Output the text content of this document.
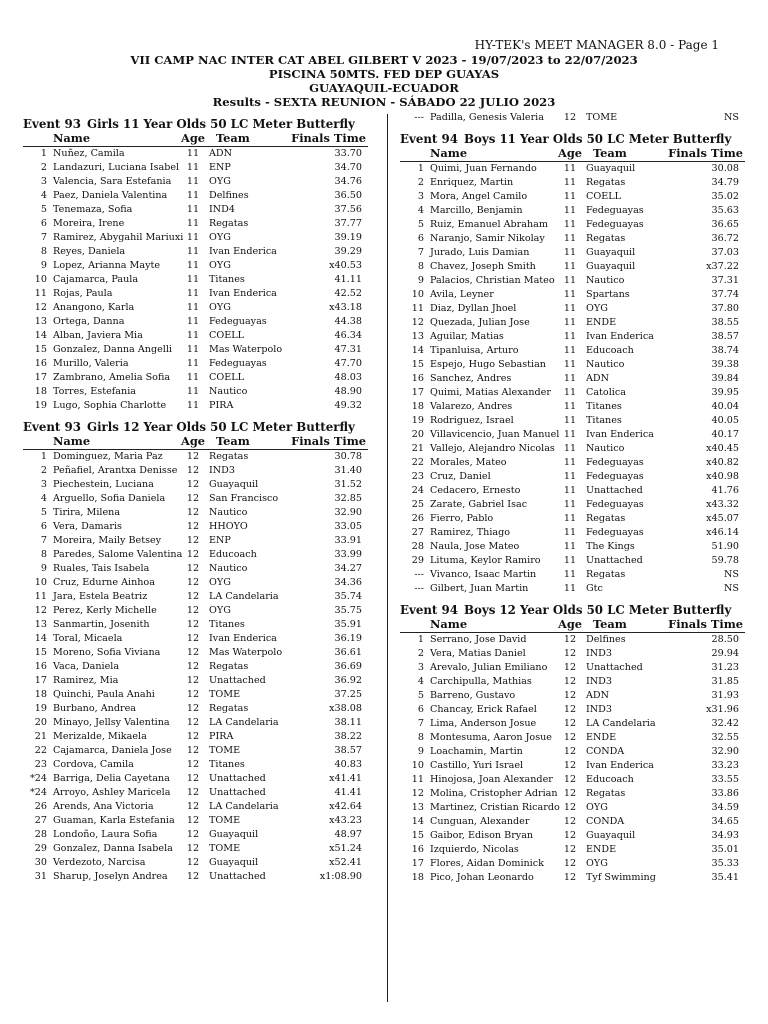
HY-TEK's MEET MANAGER 8.0 - Page 1
VII CAMP NAC INTER CAT ABEL GILBERT V 2023 - 19/07/2023 to 22/07/2023
PISCINA 50MTS. FED DEP GUAYAS
GUAYAQUIL-ECUADOR
Results - SEXTA REUNION - SÁBADO 22 JULIO 2023
Event 93 Girls 11 Year Olds 50 LC Meter Butterfly
Name	Age Team	Finals Time
1 Nuñez, Camila	11	ADN	33.70
2 Landazuri, Luciana Isabel 11	ENP	34.70
3 Valencia, Sara Estefania	11	OYG	34.76
4 Paez, Daniela Valentina	11	Delfines	36.50
5 Tenemaza, Sofia	11	IND4	37.56
6 Moreira, Irene	11	Regatas	37.77
7 Ramirez, Abygahil Mariuxi 11	OYG	39.19
8 Reyes, Daniela	11	Ivan Enderica	39.29
9 Lopez, Arianna Mayte	11	OYG	x40.53
10 Cajamarca, Paula	11	Titanes	41.11
11 Rojas, Paula	11	Ivan Enderica	42.52
12 Anangono, Karla	11	OYG	x43.18
13 Ortega, Danna	11	Fedeguayas	44.38
14 Alban, Javiera Mia	11	COELL	46.34
15 Gonzalez, Danna Angelli	11	Mas Waterpolo	47.31
16 Murillo, Valeria	11	Fedeguayas	47.70
17 Zambrano, Amelia Sofia	11	COELL	48.03
18 Torres, Estefania	11	Nautico	48.90
19 Lugo, Sophia Charlotte	11	PIRA	49.32
Event 93 Girls 12 Year Olds 50 LC Meter Butterfly
Name	Age Team	Finals Time
1 Dominguez, Maria Paz	12	Regatas	30.78
2 Peñafiel, Arantxa Denisse 12	IND3	31.40
3 Piechestein, Luciana	12	Guayaquil	31.52
4 Arguello, Sofia Daniela	12	San Francisco	32.85
5 Tirira, Milena	12	Nautico	32.90
6 Vera, Damaris	12	HHOYO	33.05
7 Moreira, Maily Betsey	12	ENP	33.91
8 Paredes, Salome Valentina 12	Educoach	33.99
9 Ruales, Tais Isabela	12	Nautico	34.27
10 Cruz, Edurne Ainhoa	12	OYG	34.36
11 Jara, Estela Beatriz	12	LA Candelaria	35.74
12 Perez, Kerly Michelle	12	OYG	35.75
13 Sanmartin, Josenith	12	Titanes	35.91
14 Toral, Micaela	12	Ivan Enderica	36.19
15 Moreno, Sofia Viviana	12	Mas Waterpolo	36.61
16 Vaca, Daniela	12	Regatas	36.69
17 Ramirez, Mia	12	Unattached	36.92
18 Quinchi, Paula Anahi	12	TOME	37.25
19 Burbano, Andrea	12	Regatas	x38.08
20 Minayo, Jellsy Valentina	12	LA Candelaria	38.11
21 Merizalde, Mikaela	12	PIRA	38.22
22 Cajamarca, Daniela Jose	12	TOME	38.57
23 Cordova, Camila	12	Titanes	40.83
*24 Barriga, Delia Cayetana	12	Unattached	x41.41
*24 Arroyo, Ashley Maricela	12	Unattached	41.41
26 Arends, Ana Victoria	12	LA Candelaria	x42.64
27 Guaman, Karla Estefania	12	TOME	x43.23
28 Londoño, Laura Sofia	12	Guayaquil	48.97
29 Gonzalez, Danna Isabela	12	TOME	x51.24
30 Verdezoto, Narcisa	12	Guayaquil	x52.41
31 Sharup, Joselyn Andrea	12	Unattached	x1:08.90
--- Padilla, Genesis Valeria	12	TOME	NS
Event 94 Boys 11 Year Olds 50 LC Meter Butterfly
Name	Age Team	Finals Time
1 Quimi, Juan Fernando	11	Guayaquil	30.08
2 Enriquez, Martin	11	Regatas	34.79
3 Mora, Angel Camilo	11	COELL	35.02
4 Marcillo, Benjamin	11	Fedeguayas	35.63
5 Ruiz, Emanuel Abraham	11	Fedeguayas	36.65
6 Naranjo, Samir Nikolay	11	Regatas	36.72
7 Jurado, Luis Damian	11	Guayaquil	37.03
8 Chavez, Joseph Smith	11	Guayaquil	x37.22
9 Palacios, Christian Mateo 11	Nautico	37.31
10 Avila, Leyner	11	Spartans	37.74
11 Diaz, Dyllan Jhoel	11	OYG	37.80
12 Quezada, Julian Jose	11	ENDE	38.55
13 Aguilar, Matias	11	Ivan Enderica	38.57
14 Tipanluisa, Arturo	11	Educoach	38.74
15 Espejo, Hugo Sebastian	11	Nautico	39.38
16 Sanchez, Andres	11	ADN	39.84
17 Quimi, Matias Alexander	11	Catolica	39.95
18 Valarezo, Andres	11	Titanes	40.04
19 Rodriguez, Israel	11	Titanes	40.05
20 Villavicencio, Juan Manuel 11	Ivan Enderica	40.17
21 Vallejo, Alejandro Nicolas 11	Nautico	x40.45
22 Morales, Mateo	11	Fedeguayas	x40.82
23 Cruz, Daniel	11	Fedeguayas	x40.98
24 Cedacero, Ernesto	11	Unattached	41.76
25 Zarate, Gabriel Isac	11	Fedeguayas	x43.32
26 Fierro, Pablo	11	Regatas	x45.07
27 Ramirez, Thiago	11	Fedeguayas	x46.14
28 Naula, Jose Mateo	11	The Kings	51.90
29 Lituma, Keylor Ramiro	11	Unattached	59.78
--- Vivanco, Isaac Martin	11	Regatas	NS
--- Gilbert, Juan Martin	11	Gtc	NS
Event 94 Boys 12 Year Olds 50 LC Meter Butterfly
Name	Age Team	Finals Time
1 Serrano, Jose David	12	Delfines	28.50
2 Vera, Matias Daniel	12	IND3	29.94
3 Arevalo, Julian Emiliano	12	Unattached	31.23
4 Carchipulla, Mathias	12	IND3	31.85
5 Barreno, Gustavo	12	ADN	31.93
6 Chancay, Erick Rafael	12	IND3	x31.96
7 Lima, Anderson Josue	12	LA Candelaria	32.42
8 Montesuma, Aaron Josue	12	ENDE	32.55
9 Loachamin, Martin	12	CONDA	32.90
10 Castillo, Yuri Israel	12	Ivan Enderica	33.23
11 Hinojosa, Joan Alexander	12	Educoach	33.55
12 Molina, Cristopher Adrian 12	Regatas	33.86
13 Martinez, Cristian Ricardo 12	OYG	34.59
14 Cunguan, Alexander	12	CONDA	34.65
15 Gaibor, Edison Bryan	12	Guayaquil	34.93
16 Izquierdo, Nicolas	12	ENDE	35.01
17 Flores, Aidan Dominick	12	OYG	35.33
18 Pico, Johan Leonardo	12	Tyf Swimming	35.41
